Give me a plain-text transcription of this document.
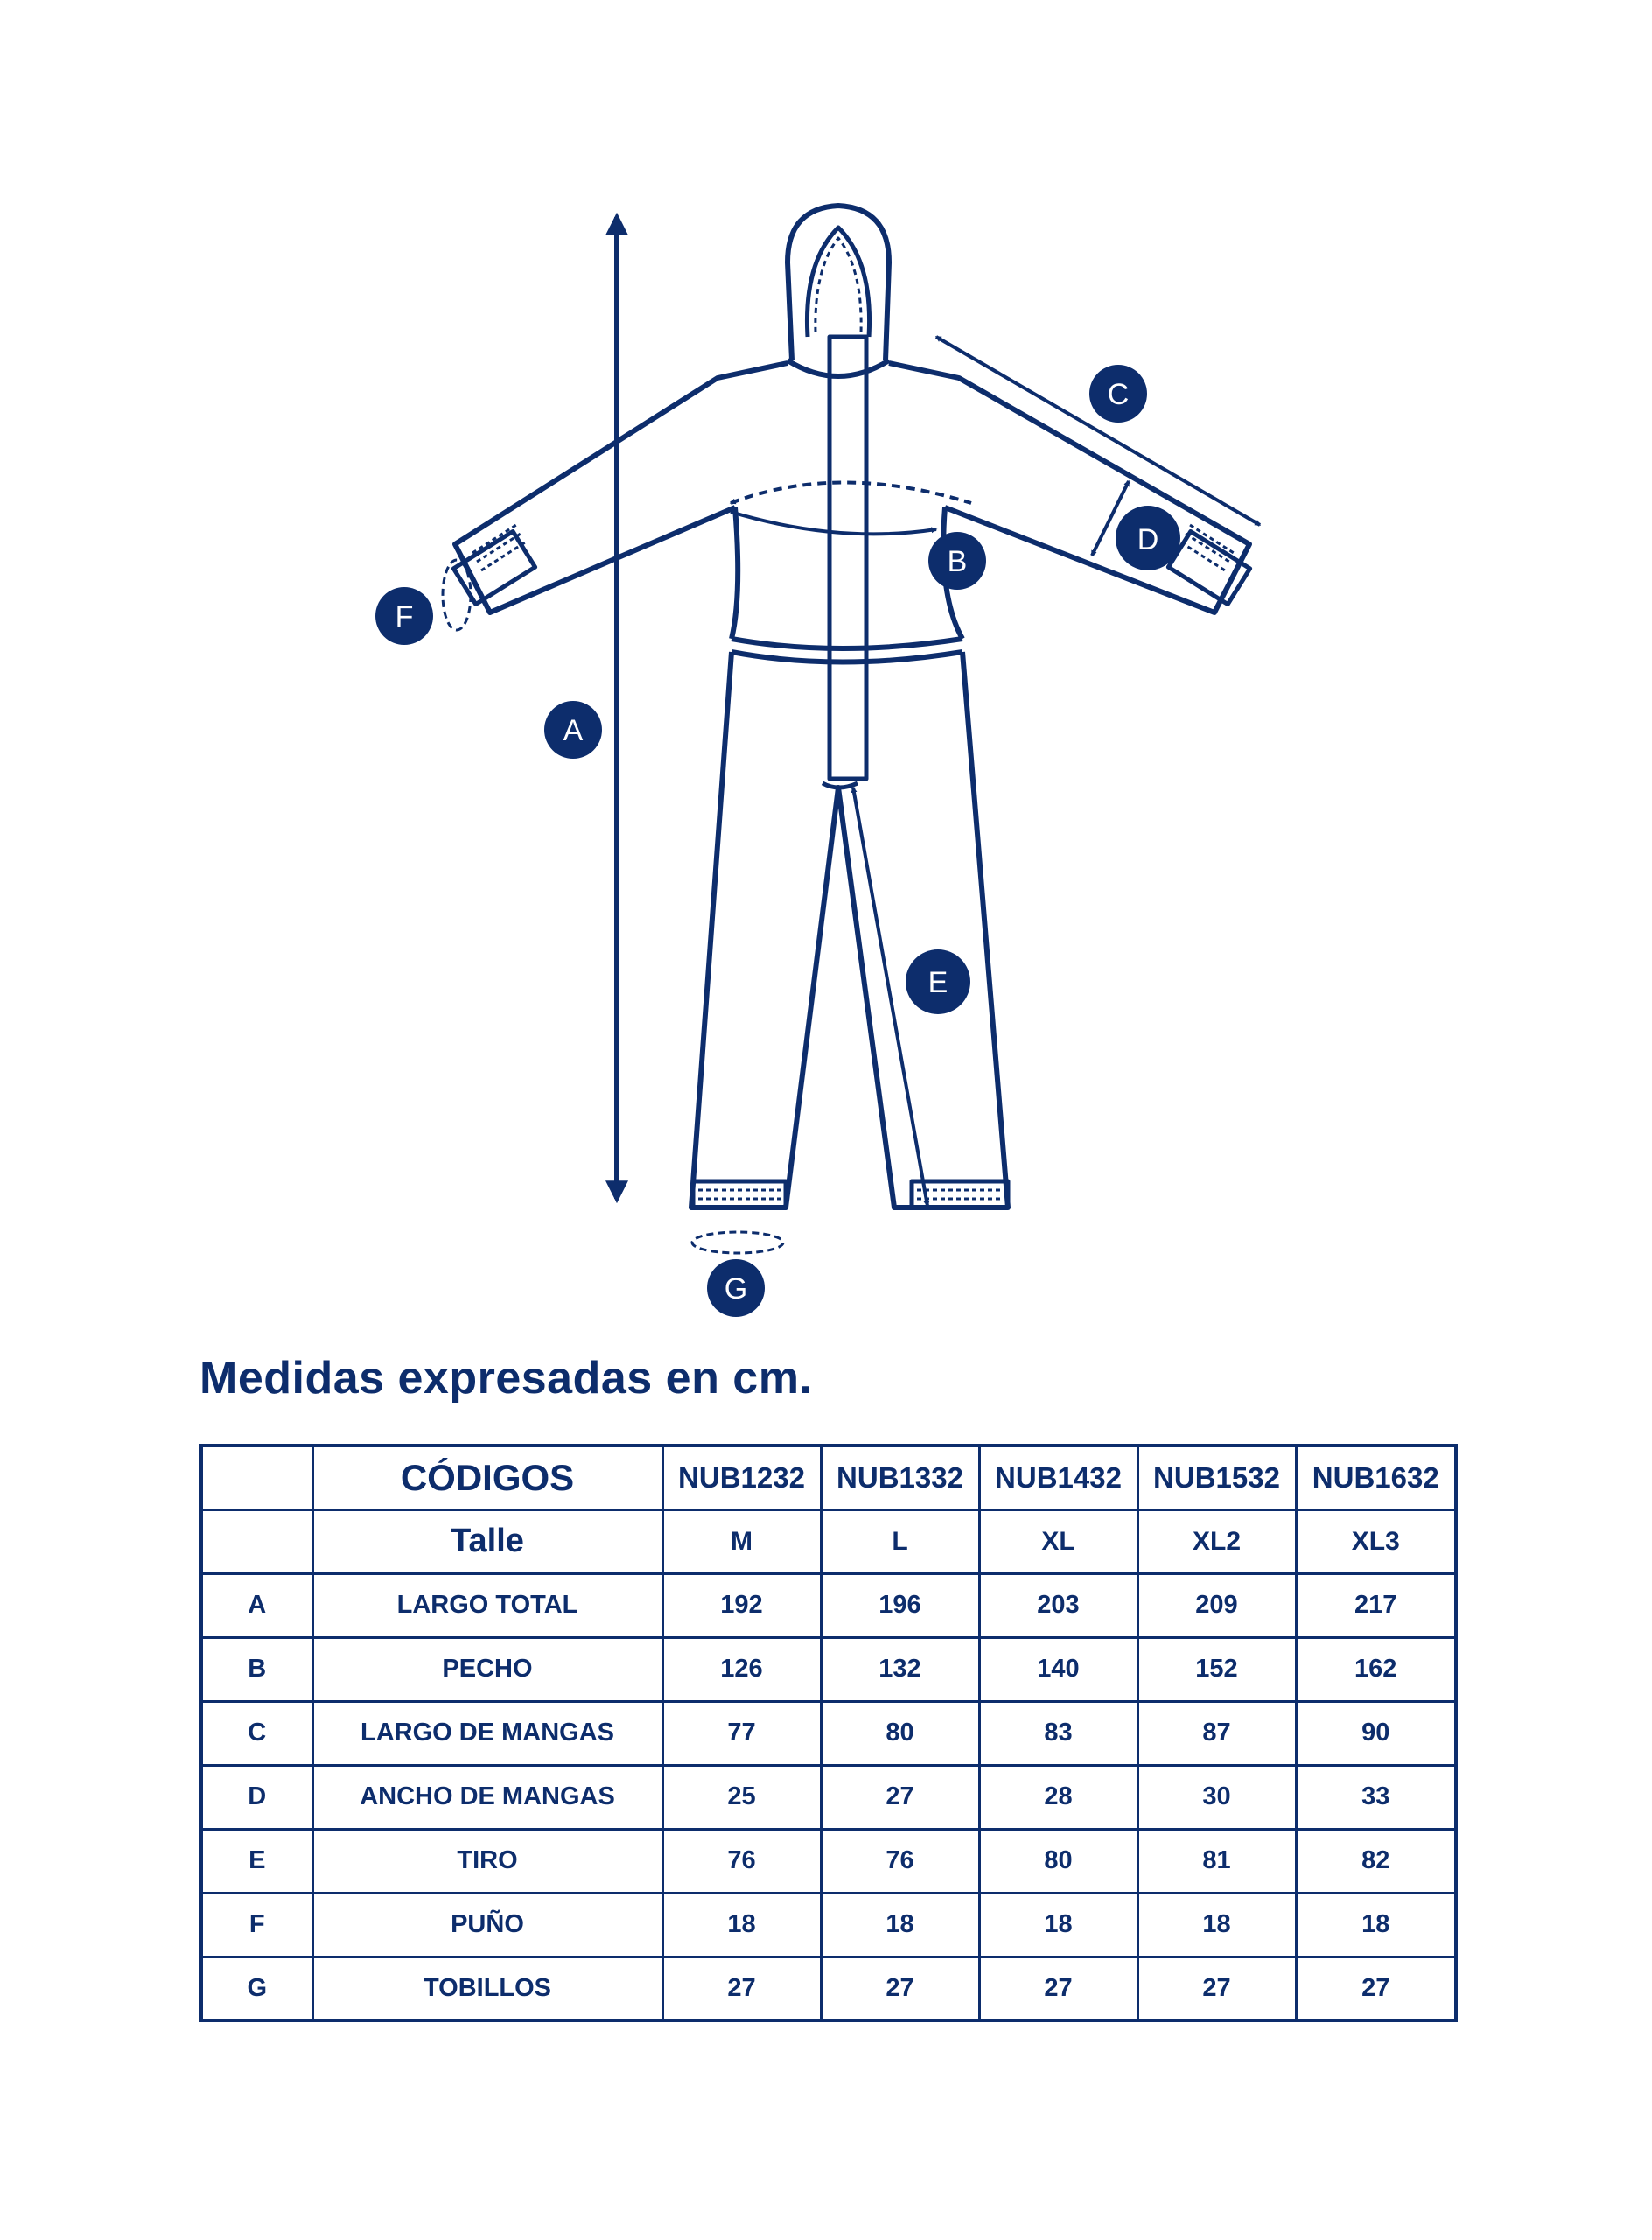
A
B
C
D
E
F
G
Medidas expresadas en cm.
	CÓDIGOS	NUB1232	NUB1332	NUB1432	NUB1532	NUB1632
	Talle	M	L	XL	XL2	XL3
A	LARGO TOTAL	192	196	203	209	217
B	PECHO	126	132	140	152	162
C	LARGO DE MANGAS	77	80	83	87	90
D	ANCHO DE MANGAS	25	27	28	30	33
E	TIRO	76	76	80	81	82
F	PUÑO	18	18	18	18	18
G	TOBILLOS	27	27	27	27	27
